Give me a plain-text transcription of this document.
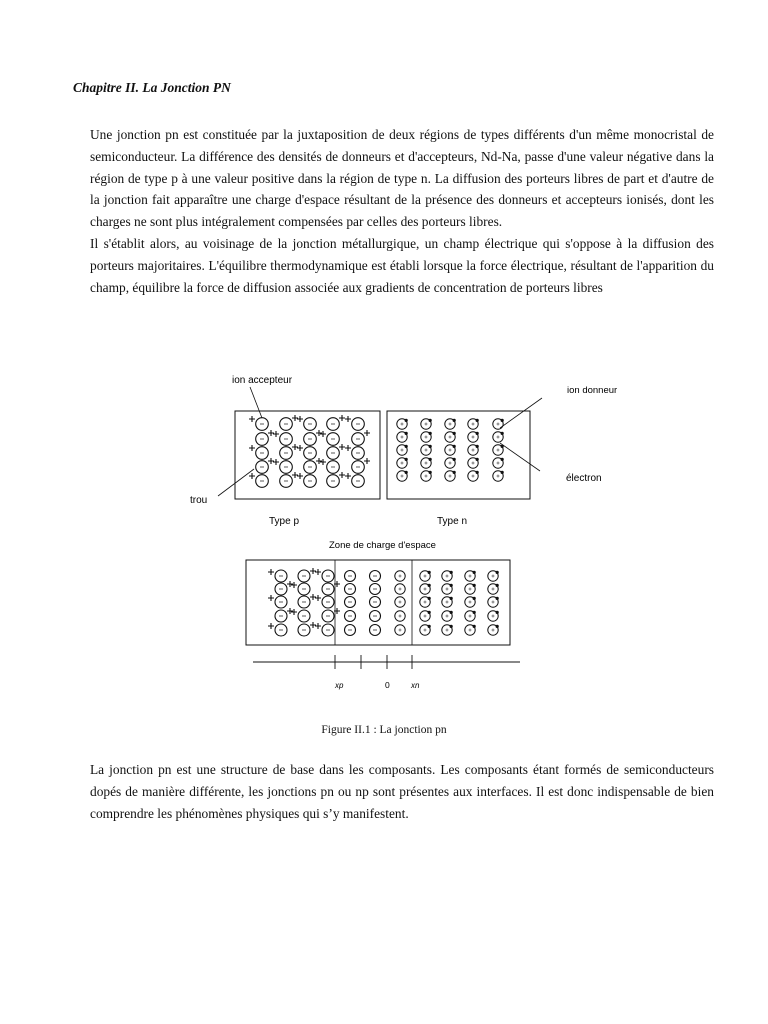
Chapitre II. La Jonction PN

Une jonction pn est constituée par la juxtaposition de deux régions de types différents d'un même monocristal de semiconducteur. La différence des densités de donneurs et d'accepteurs, Nd-Na, passe d'une valeur négative dans la région de type p à une valeur positive dans la région de type n. La diffusion des porteurs libres de part et d'autre de la jonction fait apparaître une charge d'espace résultant de la présence des donneurs et accepteurs ionisés, dont les charges ne sont plus intégralement compensées par celles des porteurs libres.
Il s'établit alors, au voisinage de la jonction métallurgique, un champ électrique qui s'oppose à la diffusion des porteurs majoritaires. L'équilibre thermodynamique est établi lorsque la force électrique, résultant de l'apparition du champ, équilibre la force de diffusion associée aux gradients de concentration de porteurs libres
ion accepteur
ion donneur
trou
électron
Type p	Type n
Zone de charge d'espace
xp	0	xn

Figure II.1 : La jonction pn

La jonction pn est une structure de base dans les composants. Les composants étant formés de semiconducteurs dopés de manière différente, les jonctions pn ou np sont présentes aux interfaces. Il est donc indispensable de bien comprendre les phénomènes physiques qui s’y manifestent.
